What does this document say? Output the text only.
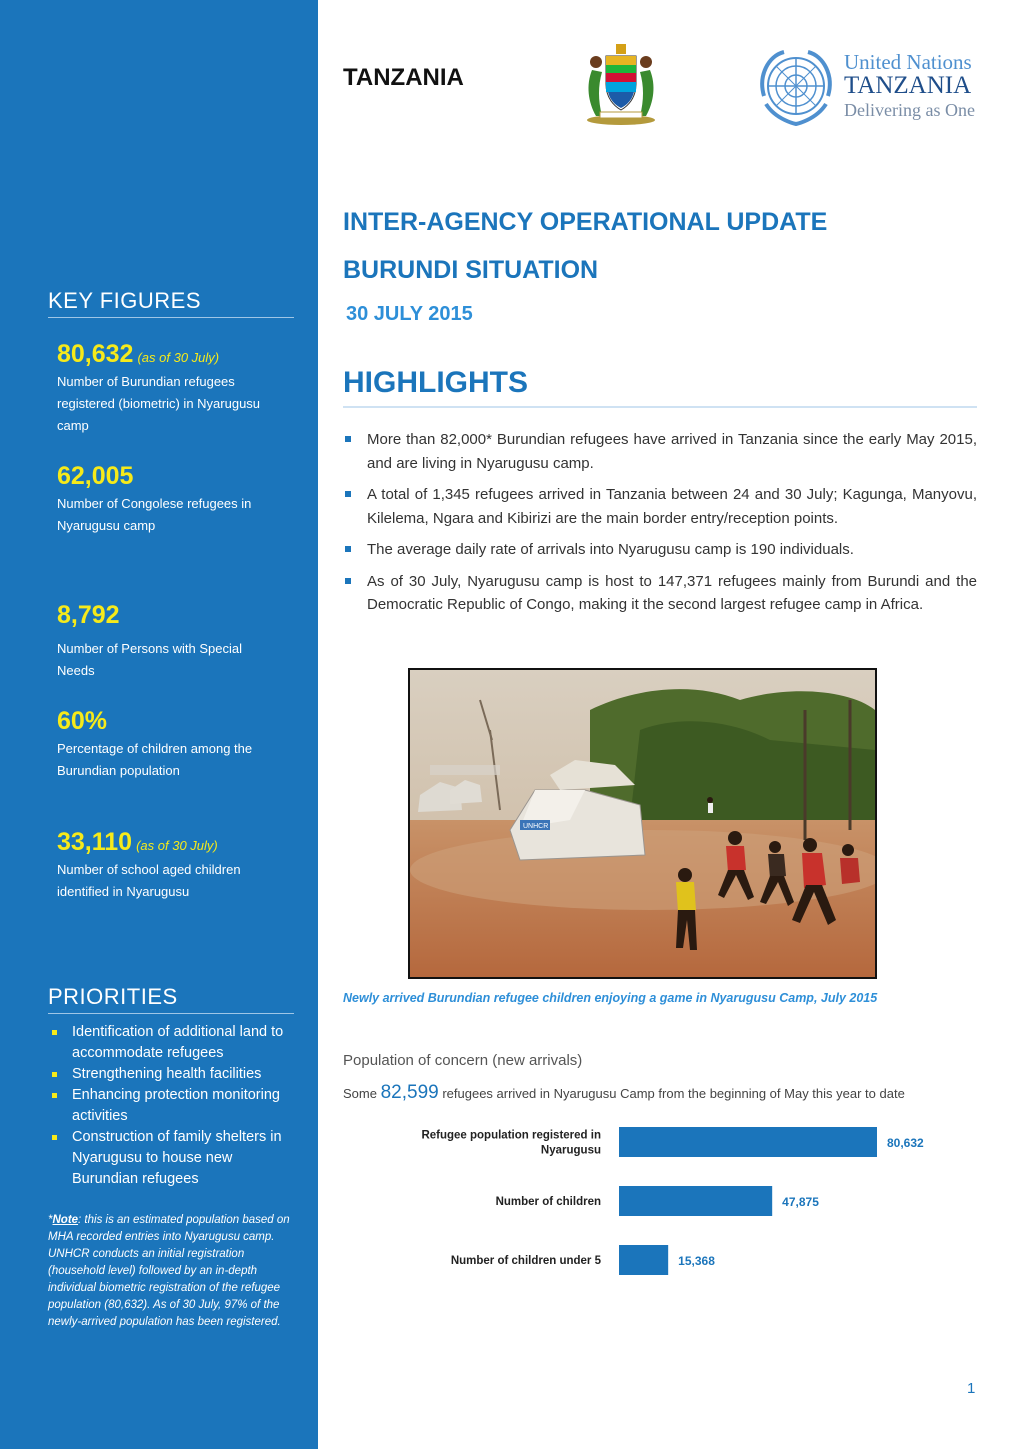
KEY FIGURES
80,632 (as of 30 July)
Number of Burundian refugees
registered (biometric) in Nyarugusu
camp
62,005
Number of Congolese refugees in
Nyarugusu camp
8,792
Number of Persons with Special
Needs
60%
Percentage of children among the
Burundian population
33,110 (as of 30 July)
Number of school aged children
identified in Nyarugusu
PRIORITIES
Identification of additional land to accommodate refugees
Strengthening health facilities
Enhancing protection monitoring activities
Construction of family shelters in Nyarugusu to house new Burundian refugees
*Note: this is an estimated population based on MHA recorded entries into Nyarugusu camp. UNHCR conducts an initial registration (household level) followed by an in-depth individual biometric registration of the refugee population (80,632). As of 30 July, 97% of the newly-arrived population has been registered.
TANZANIA
United Nations
TANZANIA
Delivering as One
INTER-AGENCY OPERATIONAL UPDATE
BURUNDI SITUATION
30 JULY 2015
HIGHLIGHTS
More than 82,000* Burundian refugees have arrived in Tanzania since the early May 2015, and are living in Nyarugusu camp.
A total of 1,345 refugees arrived in Tanzania between 24 and 30 July; Kagunga, Manyovu, Kilelema, Ngara and Kibirizi are the main border entry/reception points.
The average daily rate of arrivals into Nyarugusu camp is 190 individuals.
As of 30 July, Nyarugusu camp is host to 147,371 refugees mainly from Burundi and the Democratic Republic of Congo, making it the second largest refugee camp in Africa.
UNHCR
Newly arrived Burundian refugee children enjoying a game in Nyarugusu Camp, July 2015
Population of concern (new arrivals)
Some 82,599 refugees arrived in Nyarugusu Camp from the beginning of May this year to date
Refugee population registered in Nyarugusu
80,632
Number of children	47,875
Number of children under 5	15,368
1
